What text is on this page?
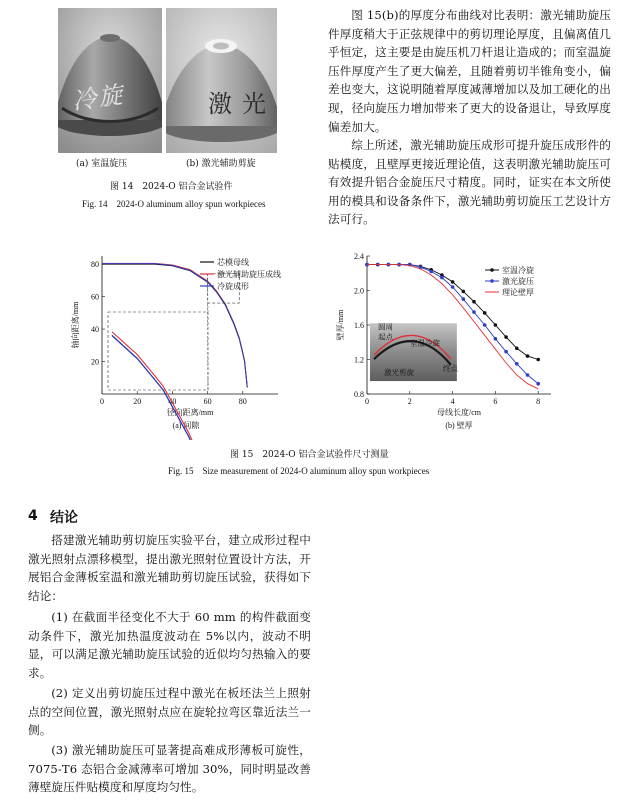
冷旋	激光
(a) 室温旋压	(b) 激光辅助剪旋
图 14　2024-O 铝合金试验件
Fig. 14　2024-O aluminum alloy spun workpieces
图 15(b)的厚度分布曲线对比表明：激光辅助旋压件厚度稍大于正弦规律中的剪切理论厚度，且偏离值几乎恒定，这主要是由旋压机刀杆退让造成的；而室温旋压件厚度产生了更大偏差，且随着剪切半锥角变小，偏差也变大，这说明随着厚度减薄增加以及加工硬化的出现，径向旋压力增加带来了更大的设备退让，导致厚度偏差加大。
综上所述，激光辅助旋压成形可提升旋压成形件的贴模度，且壁厚更接近理论值，这表明激光辅助旋压可有效提升铝合金旋压尺寸精度。同时，证实在本文所使用的模具和设备条件下，激光辅助剪切旋压工艺设计方法可行。
0	20	40	60	80
20
40
60
80
径向距离/mm
轴向距离/mm
(a) 间隙
芯模母线
激光辅助旋压成线
冷旋成形
0	2	4	6	8
0.8
1.2
1.6
2.0
2.4
母线长度/cm
壁厚/mm
(b) 壁厚
圆周
起点
室温冷旋
激光剪旋	终点
室温冷旋
激光旋压
理论壁厚
图 15　2024-O 铝合金试验件尺寸测量
Fig. 15　Size measurement of 2024-O aluminum alloy spun workpieces
4 结论
搭建激光辅助剪切旋压实验平台，建立成形过程中激光照射点漂移模型，提出激光照射位置设计方法，开展铝合金薄板室温和激光辅助剪切旋压试验，获得如下结论：
(1) 在截面半径变化不大于 60 mm 的构件截面变动条件下，激光加热温度波动在 5%以内，波动不明显，可以满足激光辅助旋压试验的近似均匀热输入的要求。
(2) 定义出剪切旋压过程中激光在板坯法兰上照射点的空间位置，激光照射点应在旋轮拉弯区靠近法兰一侧。
(3) 激光辅助旋压可显著提高难成形薄板可旋性，7075-T6 态铝合金减薄率可增加 30%，同时明显改善薄壁旋压件贴模度和厚度均匀性。
